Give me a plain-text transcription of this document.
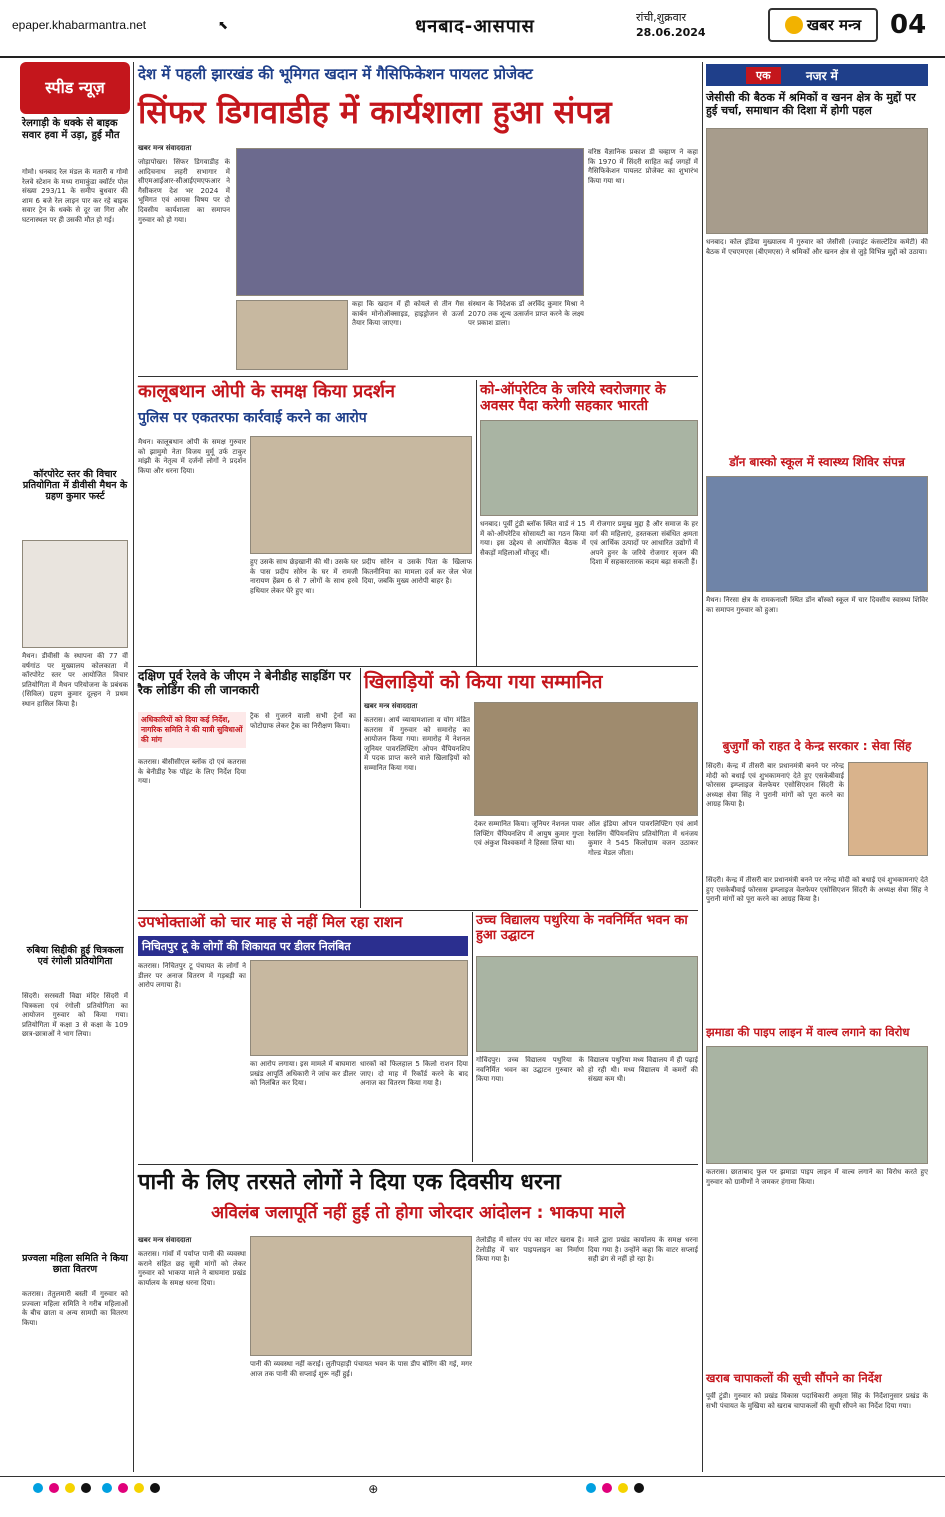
epaper.khabarmantra.net	⬉	धनबाद-आसपास	रांची,शुक्रवार
28.06.2024	खबर मन्त्र 04
स्पीड न्यूज़
रेलगाड़ी के धक्के से बाइक सवार हवा में उड़ा, हुई मौत
गोमो। धनबाद रेल मंडल के मतारी व गोमो रेलवे स्टेशन के मध्य रामाकुंडा क्वॉर्टर पोल संख्या 293/11 के समीप बुधवार की शाम 6 बजे रेल लाइन पार कर रहे बाइक सवार ट्रेन के धक्के से दूर जा गिरा और घटनास्थल पर ही उसकी मौत हो गई।
कॉरपोरेट स्तर की विचार प्रतियोगिता में डीवीसी मैथन के ग्रहण कुमार फर्स्ट
मैथन। डीवीसी के स्थापना की 77 वीं वर्षगांठ पर मुख्यालय कोलकाता में कॉरपोरेट स्तर पर आयोजित विचार प्रतियोगिता में मैथन परियोजना के प्रबंधक (सिविल) ग्रहण कुमार दूल्हन ने प्रथम स्थान हासिल किया है।
रुबिया सिद्दीकी हुई चित्रकला एवं रंगोली प्रतियोगिता
सिंदरी। सरस्वती विद्या मंदिर सिंदरी में चित्रकला एवं रंगोली प्रतियोगिता का आयोजन गुरुवार को किया गया। प्रतियोगिता में कक्षा 3 से कक्षा के 109 छात्र-छात्राओं ने भाग लिया।
प्रज्वला महिला समिति ने किया छाता वितरण
कतरास। तेतुलमारी बस्ती में गुरुवार को प्रज्वला महिला समिति ने गरीब महिलाओं के बीच छाता व अन्य सामग्री का वितरण किया।
देश में पहली झारखंड की भूमिगत खदान में गैसिफिकेशन पायलट प्रोजेक्ट
सिंफर डिगवाडीह में कार्यशाला हुआ संपन्न
खबर मन्त्र संवाददाता
जोड़ापोखर। सिंफर डिगवाडीह के आदिचनाथ लहरी सभागार में सीएमआईआर-सीआईएमएफआर ने गैसीकरण देश भर 2024 में भूमिगत एवं आयस विषय पर दो दिवसीय कार्यशाला का समापन गुरुवार को हो गया।
कहा कि खदान में ही कोयले से तीन गैस कार्बन मोनोऑक्साइड, हाइड्रोजन से ऊर्जा तैयार किया जाएगा।
संस्थान के निदेशक डॉ अरविंद कुमार मिश्रा ने 2070 तक शून्य उत्सर्जन प्राप्त करने के लक्ष्य पर प्रकाश डाला।
वरिष्ठ वैज्ञानिक प्रकाश डी चव्हाण ने कहा कि 1970 में सिंदरी साहित कई जगहों में गैसिफिकेशन पायलट प्रोजेक्ट का शुभारंभ किया गया था।
कालूबथान ओपी के समक्ष किया प्रदर्शन
पुलिस पर एकतरफा कार्रवाई करने का आरोप
मैथन। कालूबथान ओपी के समक्ष गुरुवार को झामुमो नेता विजय मुर्मू उर्फ टाकुर मांझी के नेतृत्व में दर्जनों लोगों ने प्रदर्शन किया और धरना दिया।
हुए उसके साथ छेड़खानी की थी। उसके घर के पास प्रदीप सोरेन के घर में रामजी नारायण हेंब्रम 6 से 7 लोगों के साथ हरवे हथियार लेकर घेरे हुए था।
प्रदीप सोरेन व उसके पिता के खिलाफ कितनीनिया का मामला दर्ज कर जेल भेज दिया, जबकि मुख्य आरोपी बाहर है।
को-ऑपरेटिव के जरिये स्वरोजगार के अवसर पैदा करेगी सहकार भारती
धनबाद। पूर्वी टुंडी ब्लॉक स्थित वार्ड नं 15 में को-ऑपरेटिव सोसायटी का गठन किया गया। इस उद्देश्य से आयोजित बैठक में सैकड़ों महिलाओं मौजूद थीं।
में रोजगार प्रमुख मुद्दा है और समाज के हर वर्ग की महिलाएं, हस्तकला संबंधित क्षमता एवं आर्थिक उत्पादों पर आधारित उद्योगों में अपने हुनर के जरिये रोजगार सृजन की दिशा में सहकारतारक कदम बढ़ा सकती हैं।
दक्षिण पूर्व रेलवे के जीएम ने बेनीडीह साइडिंग पर रैक लोडिंग की ली जानकारी
अधिकारियों को दिया कई निर्देश, नागरिक समिति ने की यात्री सुविधाओं की मांग
कतरास। बीसीसीएल ब्लॉक दो एवं कतरास के बेनीडीह रैक पॉइंट के लिए निर्देश दिया गया।
ट्रैक से गुजरने वाली सभी ट्रेनों का फोटोग्राफ लेकर ट्रैक का निरीक्षण किया।
खिलाड़ियों को किया गया सम्मानित
खबर मन्त्र संवाददाता
कतरास। आर्य व्यायामशाला व योग मंडित कतरास में गुरुवार को समारोह का आयोजन किया गया। समारोह में नेशनल जूनियर पावरलिफ्टिंग ओपन चैंपियनशिप में पदक प्राप्त करने वाले खिलाड़ियों को सम्मानित किया गया।
देकर सम्मानित किया। जूनियर नेशनल पावर लिफ्टिंग चैंपियनशिप में आयुष कुमार गुप्ता एवं अंकुश विश्वकर्मा ने हिस्सा लिया था।
ऑल इंडिया ओपन पावरलिफ्टिंग एवं आर्म रेसलिंग चैंपियनशिप प्रतियोगिता में धनंजय कुमार ने 545 किलोग्राम वजन उठाकर गोल्ड मेडल जीता।
उपभोक्ताओं को चार माह से नहीं मिल रहा राशन
निचितपुर टू के लोगों की शिकायत पर डीलर निलंबित
कतरास। निचितपुर टू पंचायत के लोगों ने डीलर पर अनाज वितरण में गड़बड़ी का आरोप लगाया है।
का आरोप लगाया। इस मामले में बाघमारा प्रखंड आपूर्ति अधिकारी ने जांच कर डीलर को निलंबित कर दिया।
धारकों को फिलहाल 5 किलो राशन दिया जाए। दो माह में रिकॉर्ड करने के बाद अनाज का वितरण किया गया है।
उच्च विद्यालय पथुरिया के नवनिर्मित भवन का हुआ उद्घाटन
गोविंदपुर। उच्च विद्यालय पथुरिया के नवनिर्मित भवन का उद्घाटन गुरुवार को किया गया।
विद्यालय पथुरिया मध्य विद्यालय में ही पढ़ाई हो रही थी। मध्य विद्यालय में कमरों की संख्या कम थी।
पानी के लिए तरसते लोगों ने दिया एक दिवसीय धरना
अविलंब जलापूर्ति नहीं हुई तो होगा जोरदार आंदोलन : भाकपा माले
खबर मन्त्र संवाददाता
कतरास। गांवों में पर्याप्त पानी की व्यवस्था कराने संहित छह सूत्री मांगों को लेकर गुरुवार को भाकपा माले ने बाघमारा प्रखंड कार्यालय के समक्ष धरना दिया।
पानी की व्यवस्था नहीं कराई। लुतीपहाड़ी पंचायत भवन के पास डीप बोरिंग की गई, मगर आज तक पानी की सप्लाई शुरू नहीं हुई।
तेलोडीह में सोलर पंप का मोटर खराब है। टेलोडीह में चार पाइपलाइन का निर्माण किया गया है।
माले द्वारा प्रखंड कार्यालय के समक्ष धरना दिया गया है। उन्होंने कहा कि वाटर सप्लाई सही ढंग से नहीं हो रहा है।
एक	नजर में
जेसीसी की बैठक में श्रमिकों व खनन क्षेत्र के मुद्दों पर हुई चर्चा, समाधान की दिशा में होगी पहल
धनबाद। कोल इंडिया मुख्यालय में गुरुवार को जेसीसी (ज्वाइंट कंसल्टेटिव कमेटी) की बैठक में एचएमएस (बीएमएस) ने श्रमिकों और खनन क्षेत्र से जुड़े विभिन्न मुद्दों को उठाया।
डॉन बास्को स्कूल में स्वास्थ्य शिविर संपन्न
मैथन। निरसा क्षेत्र के रामकनाली स्थित डॉन बॉस्को स्कूल में चार दिवसीय स्वास्थ्य शिविर का समापन गुरुवार को हुआ।
बुजुर्गों को राहत दे केन्द्र सरकार : सेवा सिंह
सिंदरी। केन्द्र में तीसरी बार प्रधानमंत्री बनने पर नरेन्द्र मोदी को बधाई एवं शुभकामनाएं देते हुए एसकेबीवाई फोरसस इम्प्लाइज वेलफेयर एसोसिएशन सिंदरी के अध्यक्ष सेवा सिंह ने पुरानी मांगों को पूरा करने का आग्रह किया है।
सिंदरी। केन्द्र में तीसरी बार प्रधानमंत्री बनने पर नरेन्द्र मोदी को बधाई एवं शुभकामनाएं देते हुए एसकेबीवाई फोरसस इम्प्लाइज वेलफेयर एसोसिएशन सिंदरी के अध्यक्ष सेवा सिंह ने पुरानी मांगों को पूरा करने का आग्रह किया है।
झमाडा की पाइप लाइन में वाल्व लगाने का विरोध
कतरास। छाताबाद फुल पर झमाडा पाइप लाइन में वाल्व लगाने का विरोध करते हुए गुरुवार को ग्रामीणों ने जमकर हंगामा किया।
खराब चापाकलों की सूची सौंपने का निर्देश
पूर्वी टुंडी। गुरुवार को प्रखंड विकास पदाधिकारी अमृता सिंह के निर्देशानुसार प्रखंड के सभी पंचायत के मुखिया को खराब चापाकलों की सूची सौंपने का निर्देश दिया गया।
⊕
